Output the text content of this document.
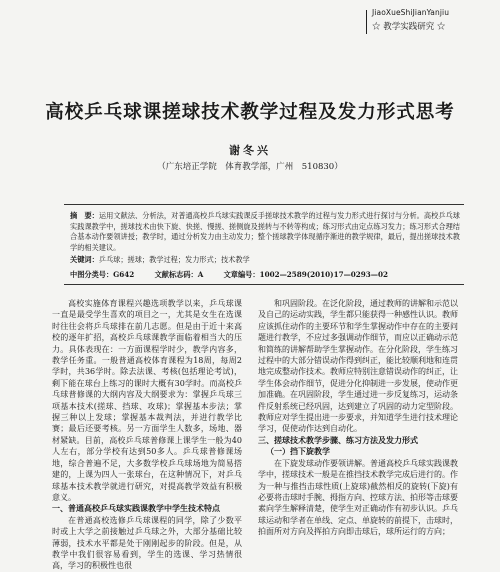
JiaoXueShiJianYanjiu
☆ 教学实践研究 ☆
高校乒乓球课搓球技术教学过程及发力形式思考
谢冬兴
（广东培正学院　体育教学部，广州　510830）
摘　要：运用文献法、分析法，对普通高校乒乓球实践课反手搓球技术教学的过程与发力形式进行探讨与分析。高校乒乓球实践课教学中，搓球技术由快下旋、快搓、慢搓、搓侧旋及搓转与不转等构成；练习形式由定点练习发力；练习形式合理结合基本动作要领讲授；教学时，通过分析发力由主动发力；整个搓球教学体现循序渐进的教学规律，最后，提出搓球技术教学的相关建议。
关键词：乒乓球；搓球；教学过程；发力形式；技术教学
中图分类号：G642	文献标志码：A	文章编号：1002—2589(2010)17—0293—02

高校实施体育课程兴趣选项教学以来，乒乓球课一直是最受学生喜欢的项目之一，尤其是女生在选课时往往会将乒乓球排在前几志愿。但是由于近十来高校的逐年扩招，高校乒乓球课教学面临着相当大的压力。具体表现在：一方面课程学时少，教学内容多，教学任务重。一般普通高校体育课程为18周，每周2学时，共36学时。除去法课、考核(包括理论考试)，剩下能在球台上练习的课时大概有30学时。而高校乒乓球普修课的大纲内容及大纲要求为：掌握乒乓球三项基本技术(搓球、挡球、攻球)；掌握基本步法；掌握三种以上发球；掌握基本裁判法，并进行教学比赛；最后还要考核。另一方面学生人数多，场地、器材紧缺。目前，高校乒乓球普修课上课学生一般为40人左右，部分学校有达到50多人。乒乓球普修课场地，综合普遍不足，大多数学校乒乓球场地为简易搭建的，上课为四人一张球台，在这种情况下，对乒乓球基本技术教学就进行研究，对提高教学效益有积极意义。

一、普通高校乒乓球实践课教学中学生技术特点

在普通高校选修乒乓球课程的同学，除了少数平时或上大学之前接触过乒乓球之外，大部分基础比较薄弱，技术水平都是处于刚刚起步的阶段。但是，从教学中我们很容易看到，学生的选课、学习热情很高，学习的积极性也很

和巩固阶段。在泛化阶段，通过教师的讲解和示范以及自己的运动实践，学生都只能获得一种感性认识。教师应该抓住动作的主要环节和学生掌握动作中存在的主要问题进行教学，不应过多强调动作细节，而应以正确动示范和简练的讲解帮助学生掌握动作。在分化阶段，学生练习过程中的大部分错误动作得到纠正，能比较顺利地和连贯地完成整动作技术。教师应特别注意错误动作的纠正，让学生体会动作细节，促进分化抑制进一步发展，使动作更加准确。在巩固阶段，学生通过进一步反复练习，运动条件反射系统已经巩固，达到建立了巩固的动力定型阶段。教师应对学生提出进一步要求，并知道学生进行技术理论学习，促使动作达到自动化。

三、搓球技术教学步骤、练习方法及发力形式
（一）挡下旋教学

在下旋发球动作要领讲解。普通高校乒乓球实践课教学中，搓球技术一般是在推挡技术教学完成后进行的。作为一种与推挡击球性质(上旋球)截然相反的旋转(下旋)有必要将击球时手腕、拇指方向、控球方法、拍形等击球要素向学生解释清楚，使学生对正确动作有初步认识。乒乓球运动和学者在单线、定点、单旋转的前提下，击球时，拍面所对方向及挥拍方向即击球后，球所运行的方向；
